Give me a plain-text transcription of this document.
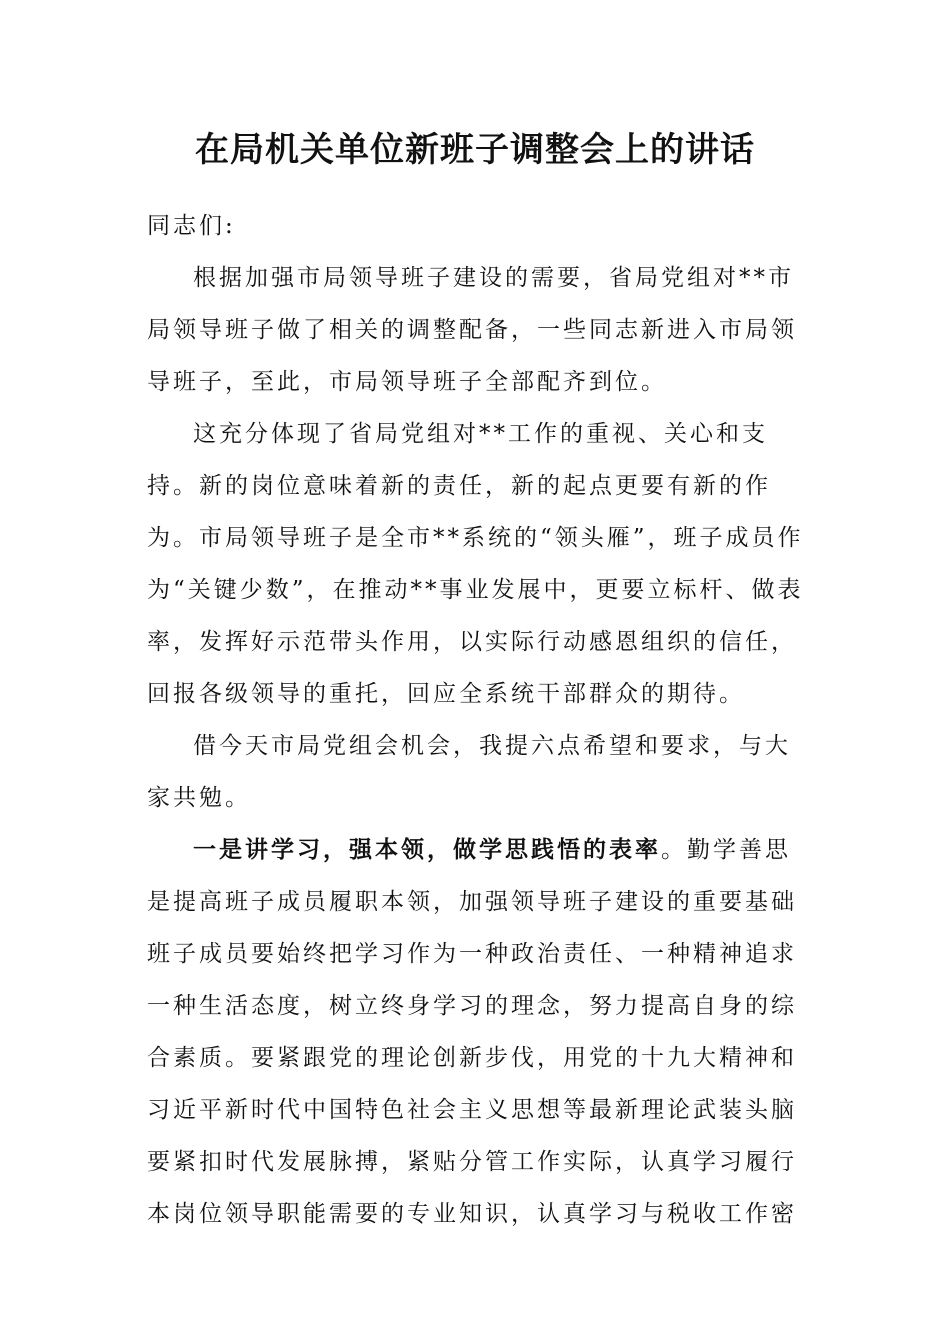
在局机关单位新班子调整会上的讲话

同志们:

根据加强市局领导班子建设的需要，省局党组对**市局领导班子做了相关的调整配备，一些同志新进入市局领导班子，至此，市局领导班子全部配齐到位。

这充分体现了省局党组对**工作的重视、关心和支持。新的岗位意味着新的责任，新的起点更要有新的作为。市局领导班子是全市**系统的“领头雁”，班子成员作为“关键少数”，在推动**事业发展中，更要立标杆、做表率，发挥好示范带头作用，以实际行动感恩组织的信任，回报各级领导的重托，回应全系统干部群众的期待。

借今天市局党组会机会，我提六点希望和要求，与大家共勉。

一是讲学习，强本领，做学思践悟的表率。勤学善思是提高班子成员履职本领，加强领导班子建设的重要基础班子成员要始终把学习作为一种政治责任、一种精神追求一种生活态度，树立终身学习的理念，努力提高自身的综合素质。要紧跟党的理论创新步伐，用党的十九大精神和习近平新时代中国特色社会主义思想等最新理论武装头脑要紧扣时代发展脉搏，紧贴分管工作实际，认真学习履行本岗位领导职能需要的专业知识，认真学习与税收工作密
